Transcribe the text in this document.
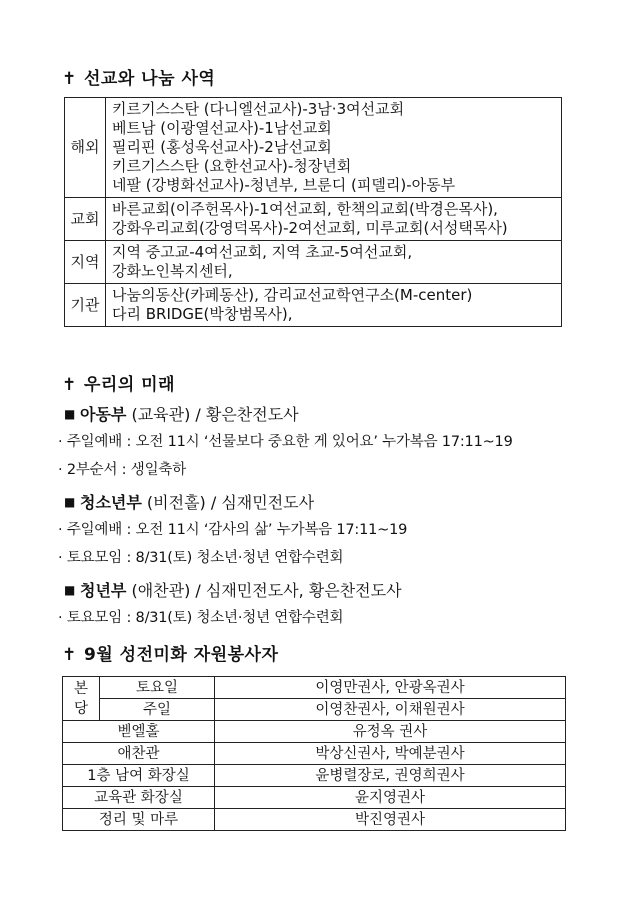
✝ 선교와 나눔 사역
해외	키르기스스탄 (다니엘선교사)-3남·3여선교회
베트남 (이광열선교사)-1남선교회
필리핀 (홍성욱선교사)-2남선교회
키르기스스탄 (요한선교사)-청장년회
네팔 (강병화선교사)-청년부, 브룬디 (피델리)-아동부

교회	바른교회(이주헌목사)-1여선교회, 한책의교회(박경은목사),
강화우리교회(강영덕목사)-2여선교회, 미루교회(서성택목사)

지역	지역 중고교-4여선교회, 지역 초교-5여선교회,
강화노인복지센터,

기관	나눔의동산(카페동산), 감리교선교학연구소(M-center)
다리 BRIDGE(박창범목사),
✝ 우리의 미래
■ 아동부 (교육관) / 황은찬전도사
· 주일예배 : 오전 11시 ‘선물보다 중요한 게 있어요’ 누가복음 17:11~19
· 2부순서 : 생일축하
■ 청소년부 (비전홀) / 심재민전도사
· 주일예배 : 오전 11시 ‘감사의 삶’ 누가복음 17:11~19
· 토요모임 : 8/31(토) 청소년·청년 연합수련회
■ 청년부 (애찬관) / 심재민전도사, 황은찬전도사
· 토요모임 : 8/31(토) 청소년·청년 연합수련회
✝ 9월 성전미화 자원봉사자
본
당	토요일	이영만권사, 안광옥권사
	주일	이영찬권사, 이채원권사
벧엘홀		유정옥 권사
애찬관		박상신권사, 박예분권사
1층 남여 화장실		윤병렬장로, 권영희권사
교육관 화장실		윤지영권사
정리 및 마루		박진영권사
